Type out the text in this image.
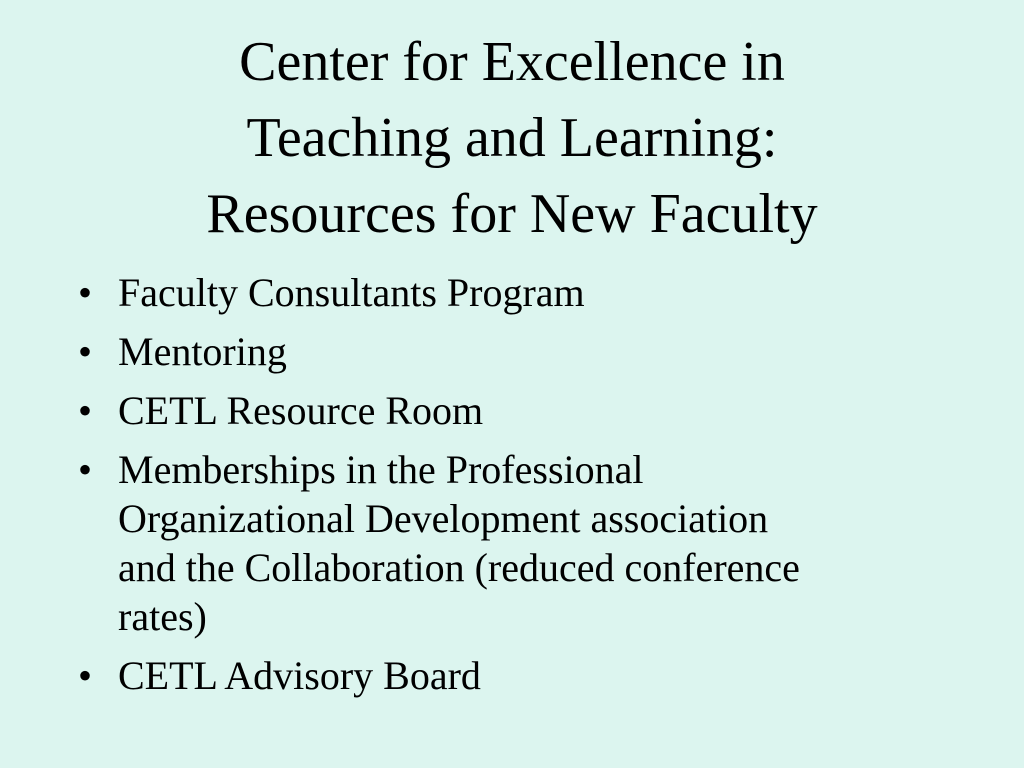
Center for Excellence in
Teaching and Learning:
Resources for New Faculty
• Faculty Consultants Program
• Mentoring
• CETL Resource Room
• Memberships in the Professional
Organizational Development association
and the Collaboration (reduced conference
rates)
• CETL Advisory Board
